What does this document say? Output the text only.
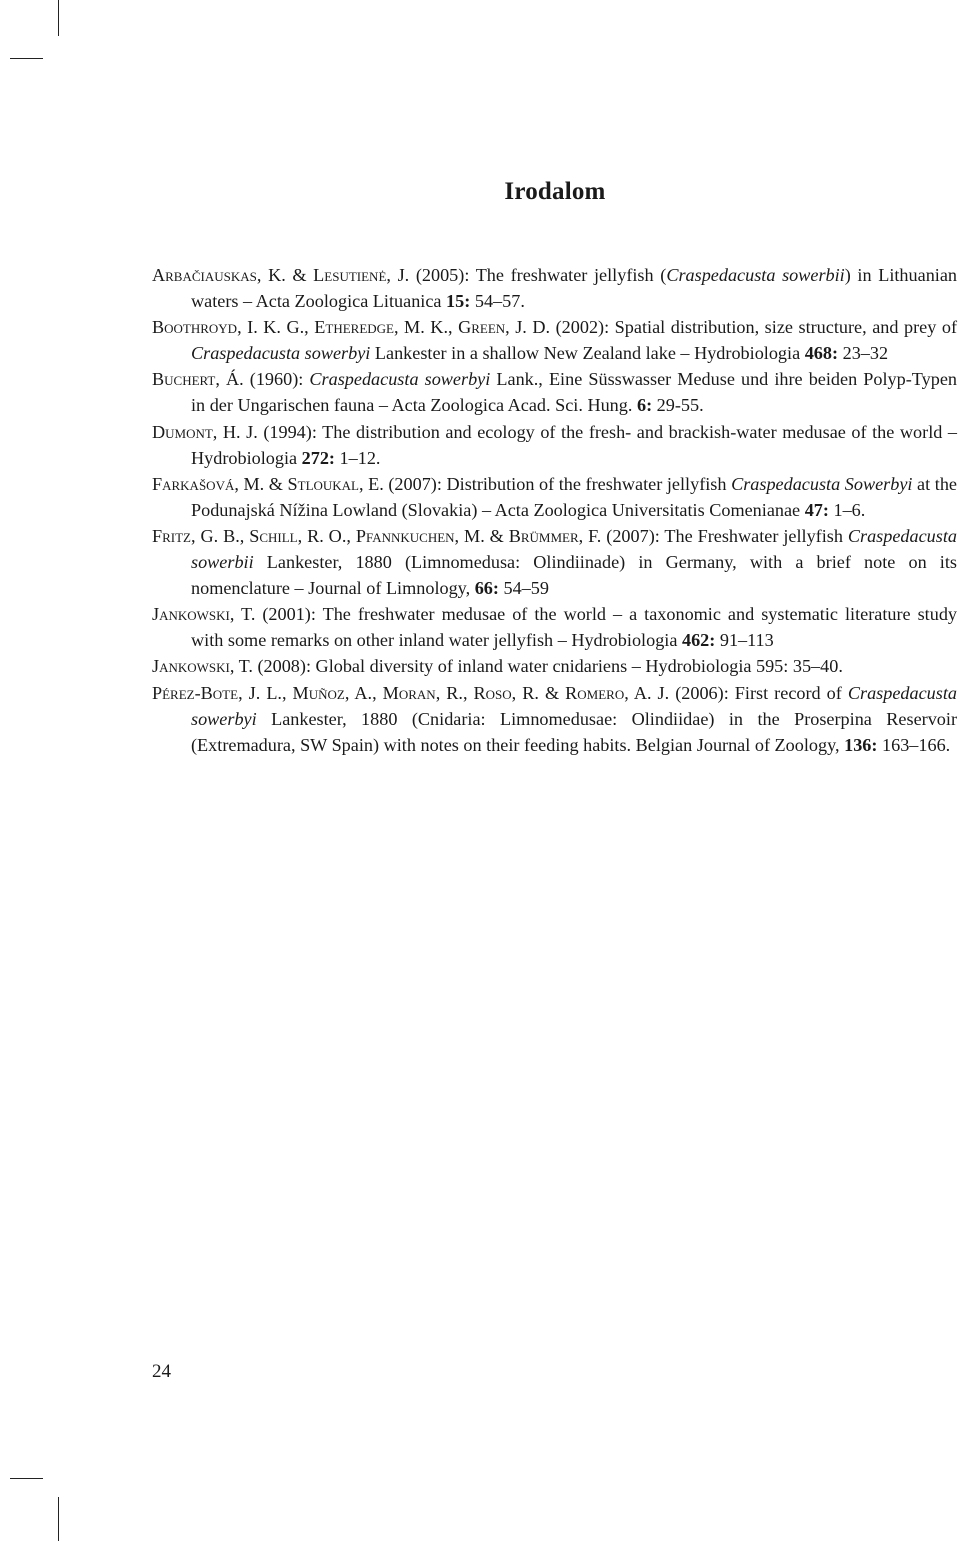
Irodalom

Arbačiauskas, K. & Lesutienė, J. (2005): The freshwater jellyfish (Craspedacusta sowerbii) in Lithuanian waters – Acta Zoologica Lituanica 15: 54–57.

Boothroyd, I. K. G., Etheredge, M. K., Green, J. D. (2002): Spatial distribution, size structure, and prey of Craspedacusta sowerbyi Lankester in a shallow New Zealand lake – Hydrobiologia 468: 23–32

Buchert, Á. (1960): Craspedacusta sowerbyi Lank., Eine Süsswasser Meduse und ihre beiden Polyp-Typen in der Ungarischen fauna – Acta Zoologica Acad. Sci. Hung. 6: 29-55.

Dumont, H. J. (1994): The distribution and ecology of the fresh- and brackish-water medusae of the world – Hydrobiologia 272: 1–12.

Farkašová, M. & Stloukal, E. (2007): Distribution of the freshwater jellyfish Craspedacusta Sowerbyi at the Podunajská Nížina Lowland (Slovakia) – Acta Zoologica Universitatis Comenianae 47: 1–6.

Fritz, G. B., Schill, R. O., Pfannkuchen, M. & Brümmer, F. (2007): The Freshwater jellyfish Craspedacusta sowerbii Lankester, 1880 (Limnomedusa: Olindiinade) in Germany, with a brief note on its nomenclature – Journal of Limnology, 66: 54–59

Jankowski, T. (2001): The freshwater medusae of the world – a taxonomic and systematic literature study with some remarks on other inland water jellyfish – Hydrobiologia 462: 91–113

Jankowski, T. (2008): Global diversity of inland water cnidariens – Hydrobiologia 595: 35–40.

Pérez-Bote, J. L., Muñoz, A., Moran, R., Roso, R. & Romero, A. J. (2006): First record of Craspedacusta sowerbyi Lankester, 1880 (Cnidaria: Limnomedusae: Olindiidae) in the Proserpina Reservoir (Extremadura, SW Spain) with notes on their feeding habits. Belgian Journal of Zoology, 136: 163–166.

24
